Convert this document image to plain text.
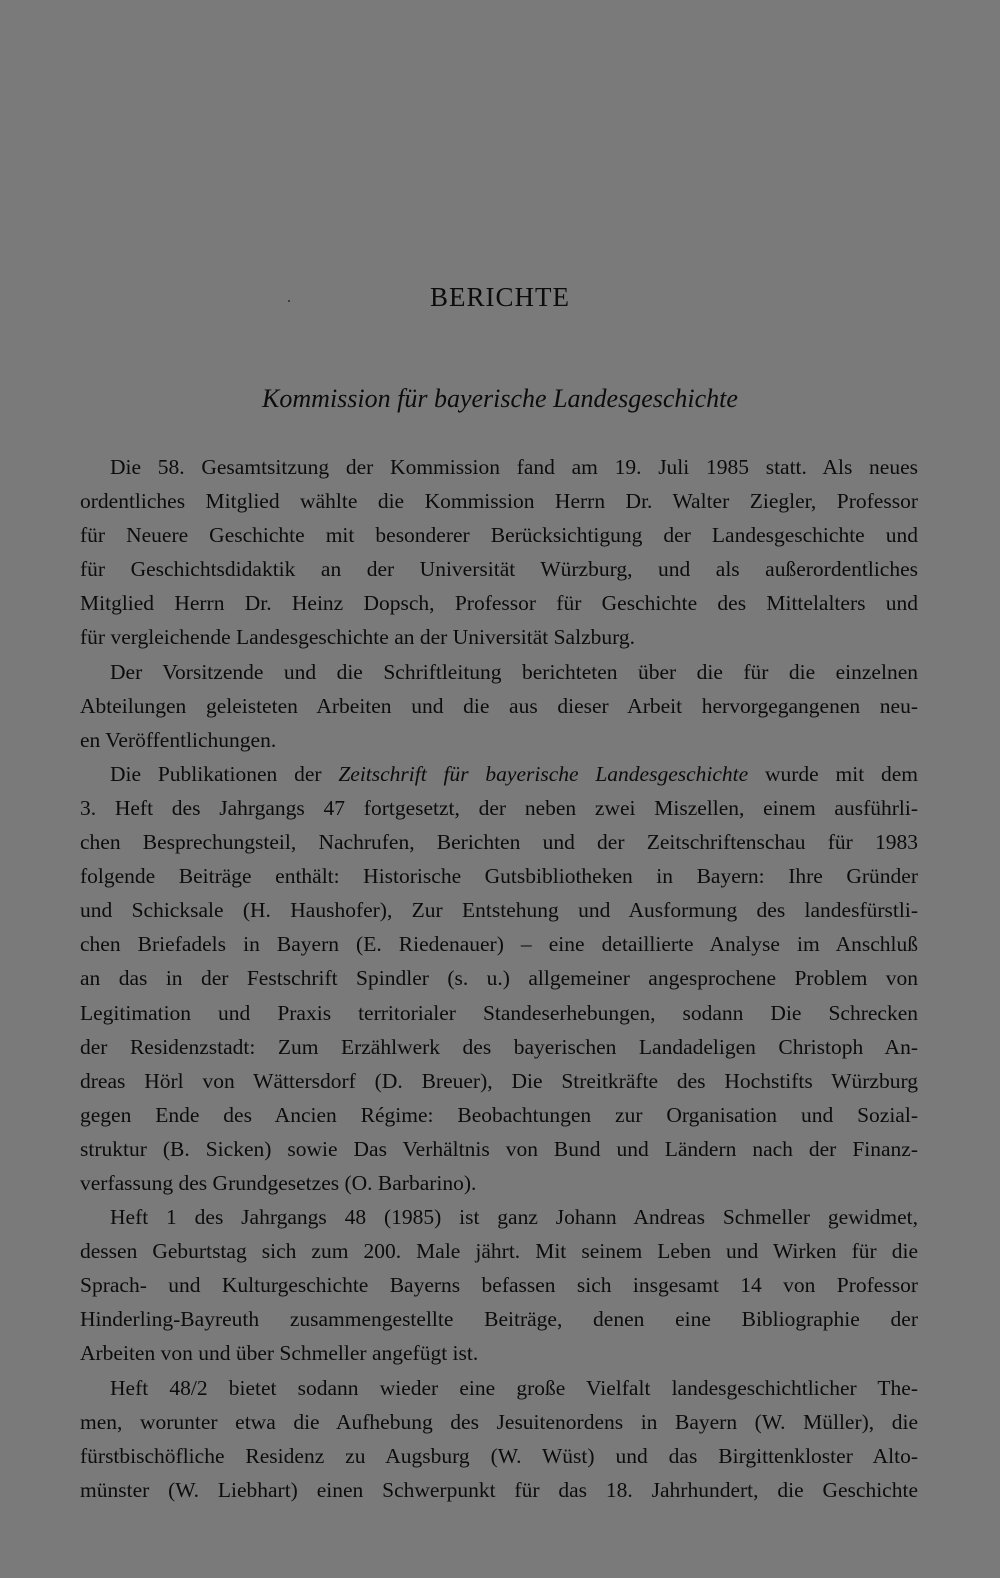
BERICHTE
Kommission für bayerische Landesgeschichte

Die 58. Gesamtsitzung der Kommission fand am 19. Juli 1985 statt. Als neues
ordentliches Mitglied wählte die Kommission Herrn Dr. Walter Ziegler, Professor
für Neuere Geschichte mit besonderer Berücksichtigung der Landesgeschichte und
für Geschichtsdidaktik an der Universität Würzburg, und als außerordentliches
Mitglied Herrn Dr. Heinz Dopsch, Professor für Geschichte des Mittelalters und
für vergleichende Landesgeschichte an der Universität Salzburg.

Der Vorsitzende und die Schriftleitung berichteten über die für die einzelnen
Abteilungen geleisteten Arbeiten und die aus dieser Arbeit hervorgegangenen neu-
en Veröffentlichungen.

Die Publikationen der Zeitschrift für bayerische Landesgeschichte wurde mit dem
3. Heft des Jahrgangs 47 fortgesetzt, der neben zwei Miszellen, einem ausführli-
chen Besprechungsteil, Nachrufen, Berichten und der Zeitschriftenschau für 1983
folgende Beiträge enthält: Historische Gutsbibliotheken in Bayern: Ihre Gründer
und Schicksale (H. Haushofer), Zur Entstehung und Ausformung des landesfürstli-
chen Briefadels in Bayern (E. Riedenauer) – eine detaillierte Analyse im Anschluß
an das in der Festschrift Spindler (s. u.) allgemeiner angesprochene Problem von
Legitimation und Praxis territorialer Standeserhebungen, sodann Die Schrecken
der Residenzstadt: Zum Erzählwerk des bayerischen Landadeligen Christoph An-
dreas Hörl von Wättersdorf (D. Breuer), Die Streitkräfte des Hochstifts Würzburg
gegen Ende des Ancien Régime: Beobachtungen zur Organisation und Sozial-
struktur (B. Sicken) sowie Das Verhältnis von Bund und Ländern nach der Finanz-
verfassung des Grundgesetzes (O. Barbarino).

Heft 1 des Jahrgangs 48 (1985) ist ganz Johann Andreas Schmeller gewidmet,
dessen Geburtstag sich zum 200. Male jährt. Mit seinem Leben und Wirken für die
Sprach- und Kulturgeschichte Bayerns befassen sich insgesamt 14 von Professor
Hinderling-Bayreuth zusammengestellte Beiträge, denen eine Bibliographie der
Arbeiten von und über Schmeller angefügt ist.

Heft 48/2 bietet sodann wieder eine große Vielfalt landesgeschichtlicher The-
men, worunter etwa die Aufhebung des Jesuitenordens in Bayern (W. Müller), die
fürstbischöfliche Residenz zu Augsburg (W. Wüst) und das Birgittenkloster Alto-
münster (W. Liebhart) einen Schwerpunkt für das 18. Jahrhundert, die Geschichte
